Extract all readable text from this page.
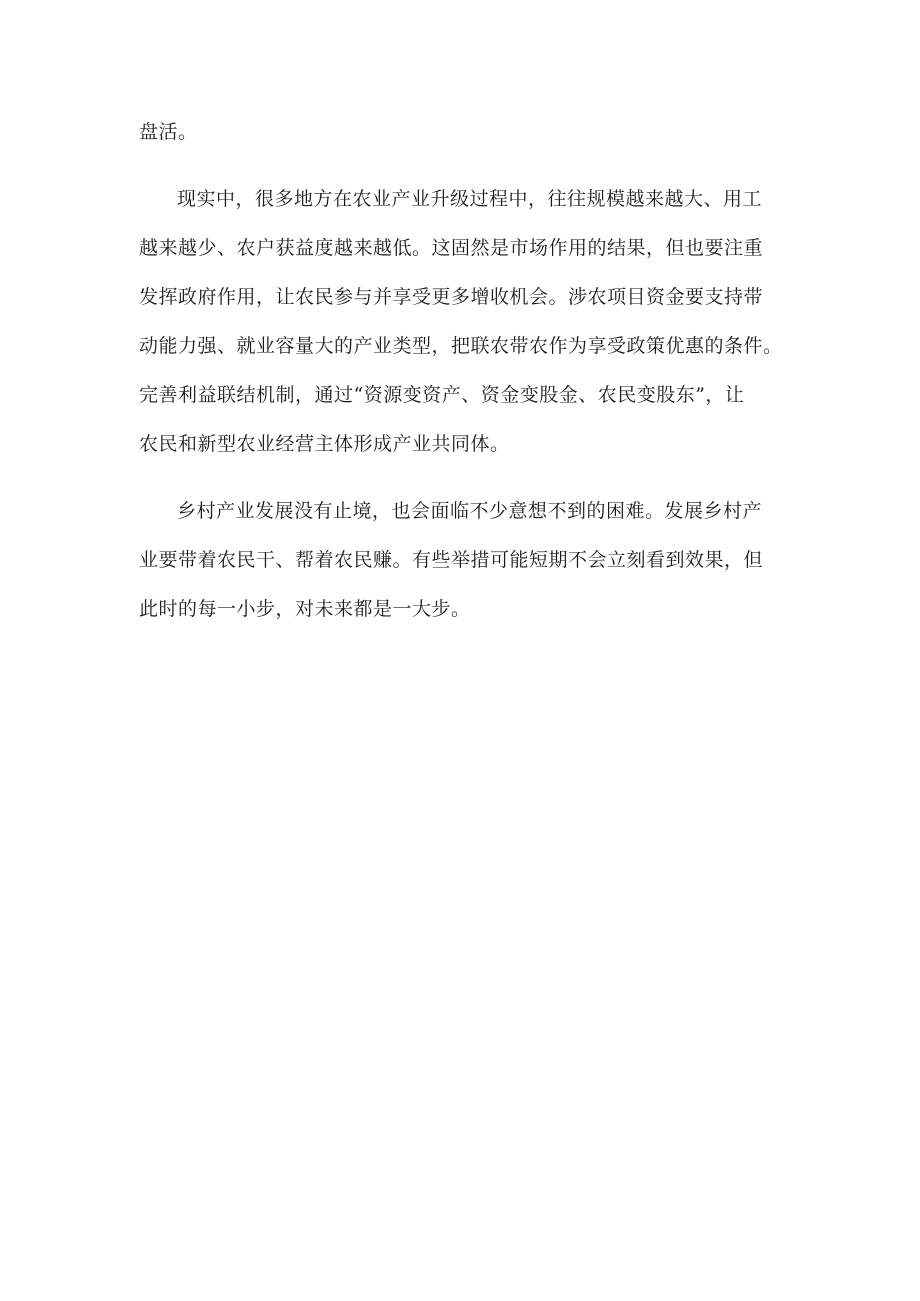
盘活。

现实中，很多地方在农业产业升级过程中，往往规模越来越大、用工

越来越少、农户获益度越来越低。这固然是市场作用的结果，但也要注重

发挥政府作用，让农民参与并享受更多增收机会。涉农项目资金要支持带

动能力强、就业容量大的产业类型，把联农带农作为享受政策优惠的条件。

完善利益联结机制，通过“资源变资产、资金变股金、农民变股东”，让

农民和新型农业经营主体形成产业共同体。

乡村产业发展没有止境，也会面临不少意想不到的困难。发展乡村产

业要带着农民干、帮着农民赚。有些举措可能短期不会立刻看到效果，但

此时的每一小步，对未来都是一大步。
